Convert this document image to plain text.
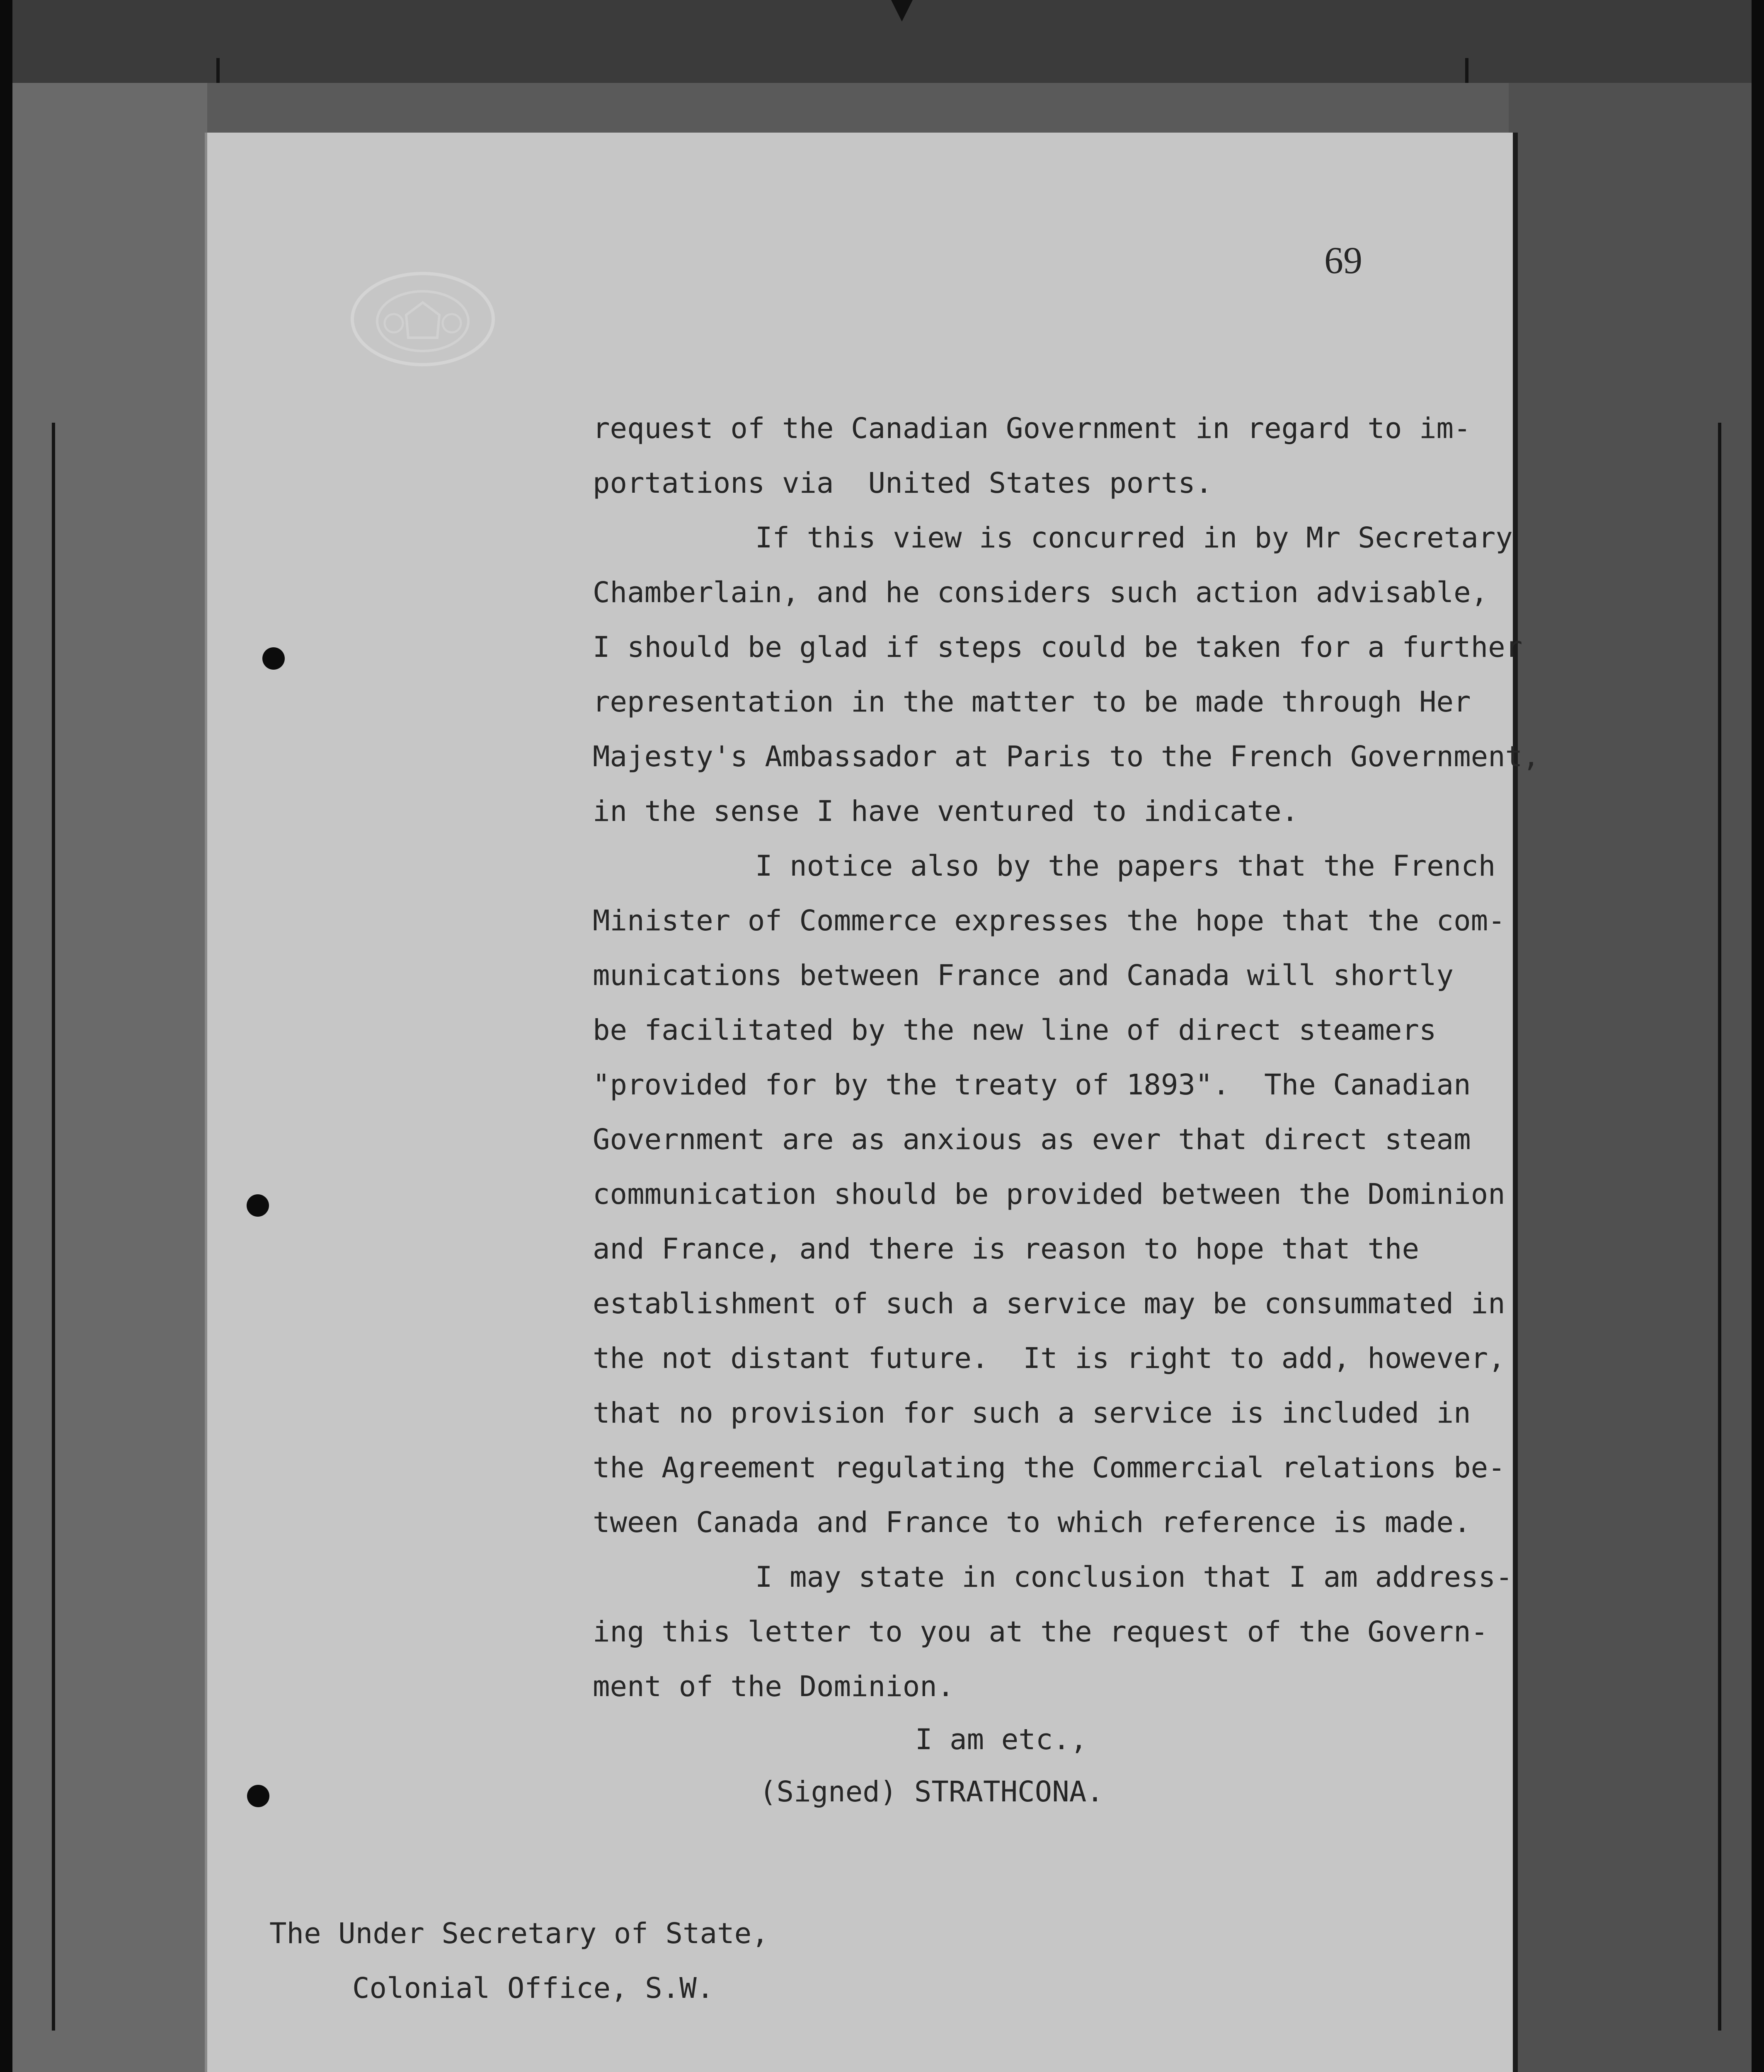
69

request of the Canadian Government in regard to im-

portations via  United States ports.

If this view is concurred in by Mr Secretary

Chamberlain, and he considers such action advisable,

I should be glad if steps could be taken for a further

representation in the matter to be made through Her

Majesty's Ambassador at Paris to the French Government,

in the sense I have ventured to indicate.

I notice also by the papers that the French

Minister of Commerce expresses the hope that the com-

munications between France and Canada will shortly

be facilitated by the new line of direct steamers

"provided for by the treaty of 1893".  The Canadian

Government are as anxious as ever that direct steam

communication should be provided between the Dominion

and France, and there is reason to hope that the

establishment of such a service may be consummated in

the not distant future.  It is right to add, however,

that no provision for such a service is included in

the Agreement regulating the Commercial relations be-

tween Canada and France to which reference is made.

I may state in conclusion that I am address-

ing this letter to you at the request of the Govern-

ment of the Dominion.

I am etc.,

(Signed) STRATHCONA.

The Under Secretary of State,

Colonial Office, S.W.
